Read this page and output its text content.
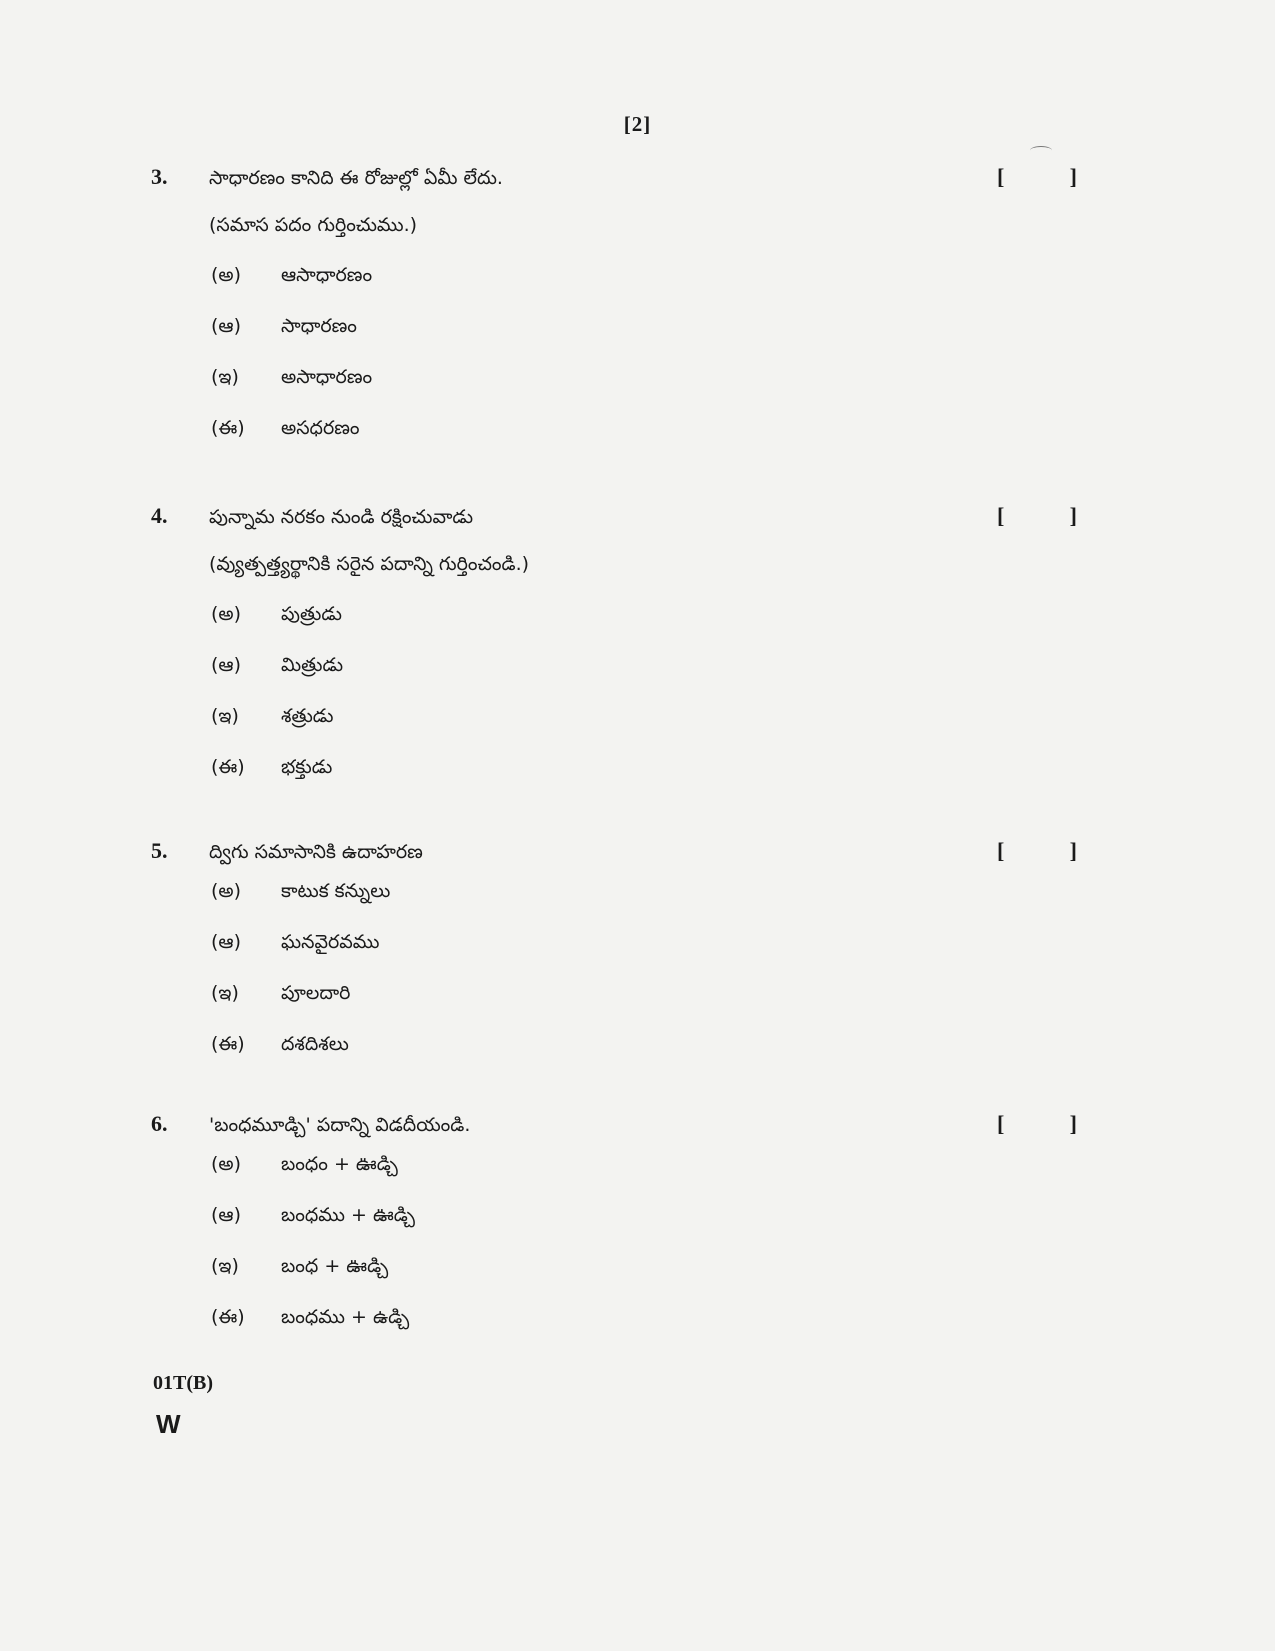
[2]
3.	సాధారణం కానిది ఈ రోజుల్లో ఏమీ లేదు.	[	]
(సమాస పదం గుర్తించుము.)
(అ)	ఆసాధారణం
(ఆ)	సాధారణం
(ఇ)	అసాధారణం
(ఈ)	అసధరణం
4.	పున్నామ నరకం నుండి రక్షించువాడు	[	]
(వ్యుత్పత్త్యర్థానికి సరైన పదాన్ని గుర్తించండి.)
(అ)	పుత్రుడు
(ఆ)	మిత్రుడు
(ఇ)	శత్రుడు
(ఈ)	భక్తుడు
5.	ద్విగు సమాసానికి ఉదాహరణ	[	]
(అ)	కాటుక కన్నులు
(ఆ)	ఘనవైరవము
(ఇ)	పూలదారి
(ఈ)	దశదిశలు
6.	'బంధమూడ్చి' పదాన్ని విడదీయండి.	[	]
(అ)	బంధం + ఊడ్చి
(ఆ)	బంధము + ఊడ్చి
(ఇ)	బంధ + ఊడ్చి
(ఈ)	బంధము + ఉడ్చి
01T(B)
W
